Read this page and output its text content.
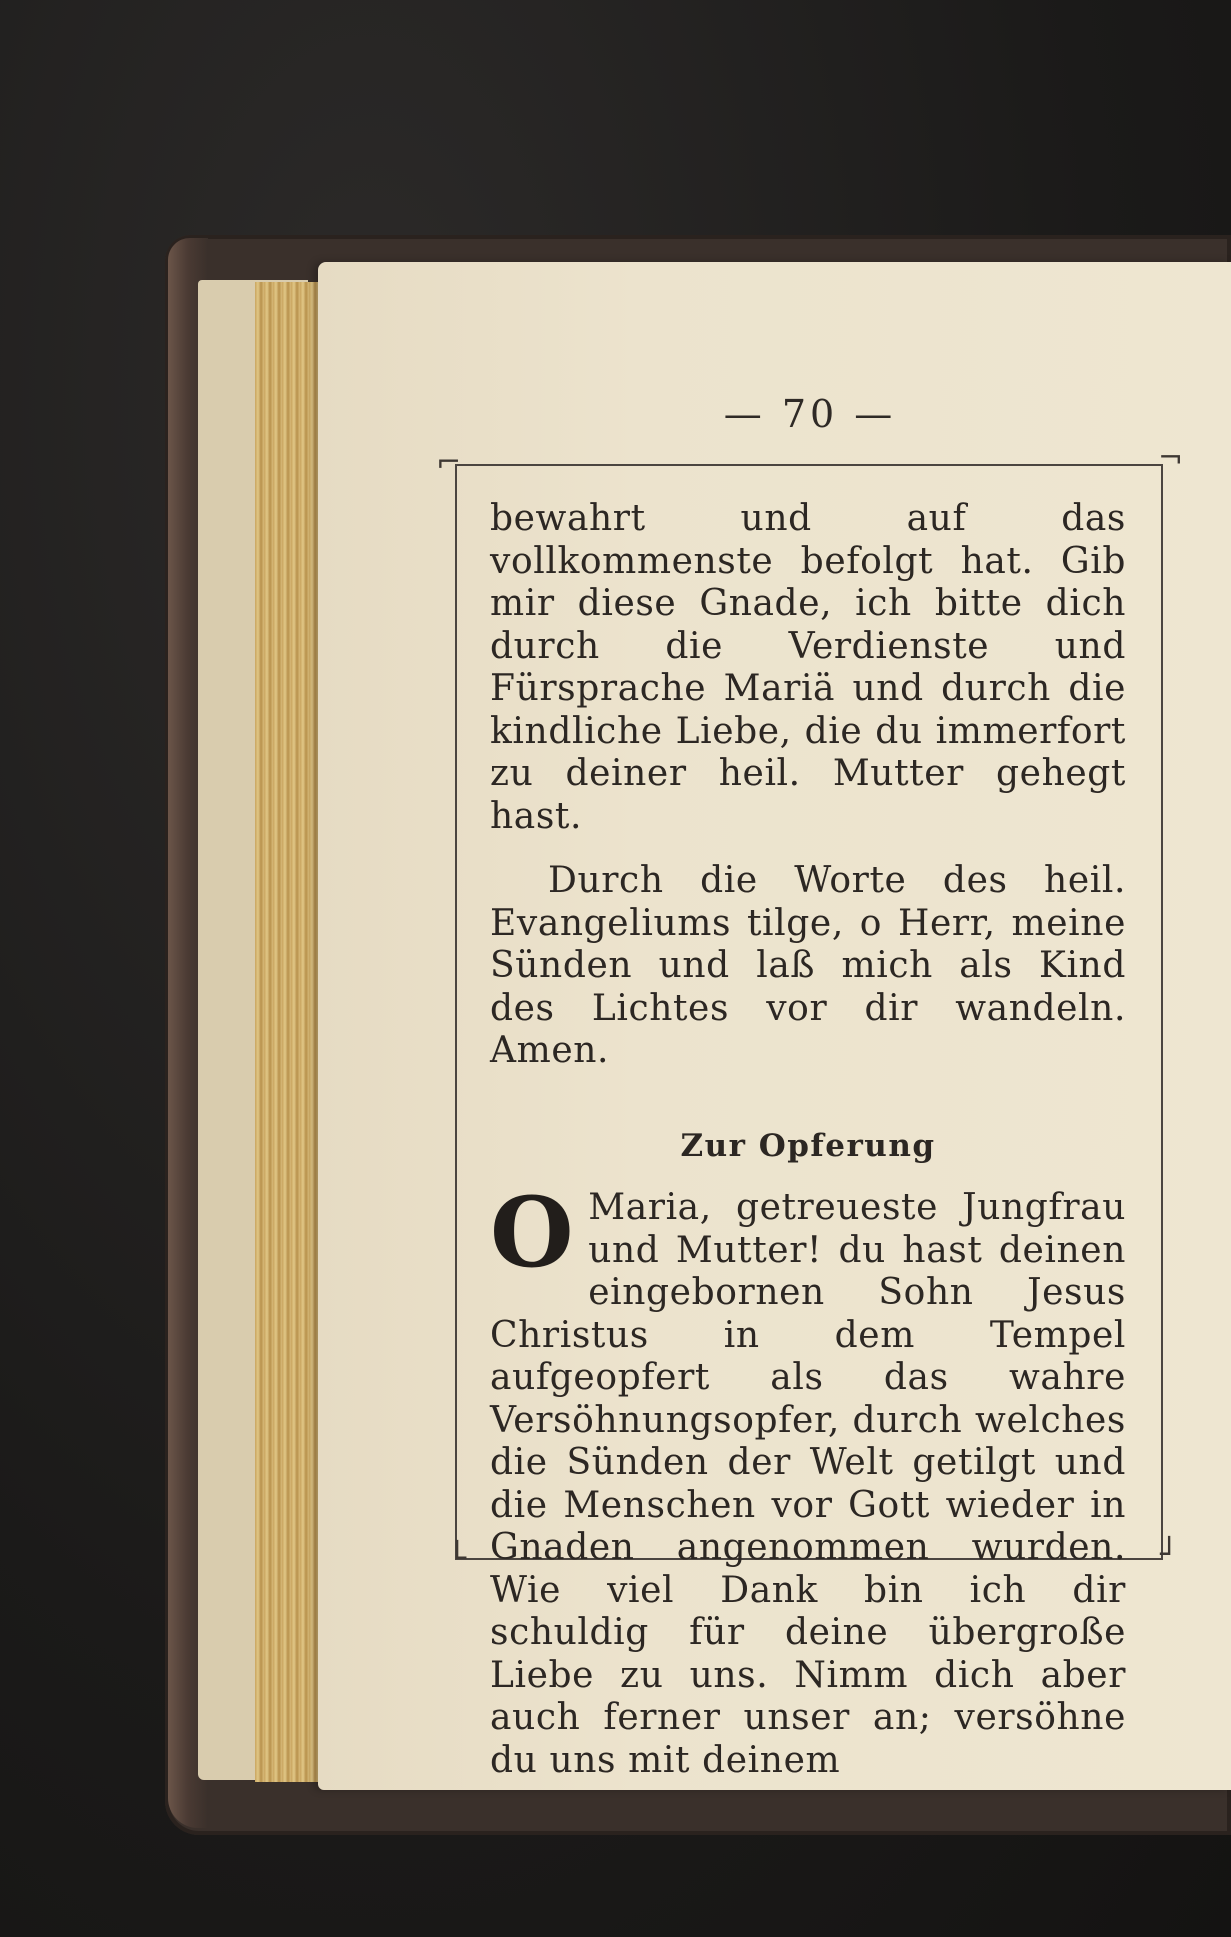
— 70 —
⌐	¬
└	┘

bewahrt und auf das vollkommenste befolgt hat. Gib mir diese Gnade, ich bitte dich durch die Verdienste und Fürsprache Mariä und durch die kindliche Liebe, die du immerfort zu deiner heil. Mutter gehegt hast.

Durch die Worte des heil. Evangeliums tilge, o Herr, meine Sünden und laß mich als Kind des Lichtes vor dir wandeln. Amen.

Zur Opferung

O Maria, getreueste Jungfrau und Mutter! du hast deinen eingebornen Sohn Jesus Christus in dem Tempel aufgeopfert als das wahre Versöhnungsopfer, durch welches die Sünden der Welt getilgt und die Menschen vor Gott wieder in Gnaden angenommen wurden. Wie viel Dank bin ich dir schuldig für deine übergroße Liebe zu uns. Nimm dich aber auch ferner unser an; versöhne du uns mit deinem
